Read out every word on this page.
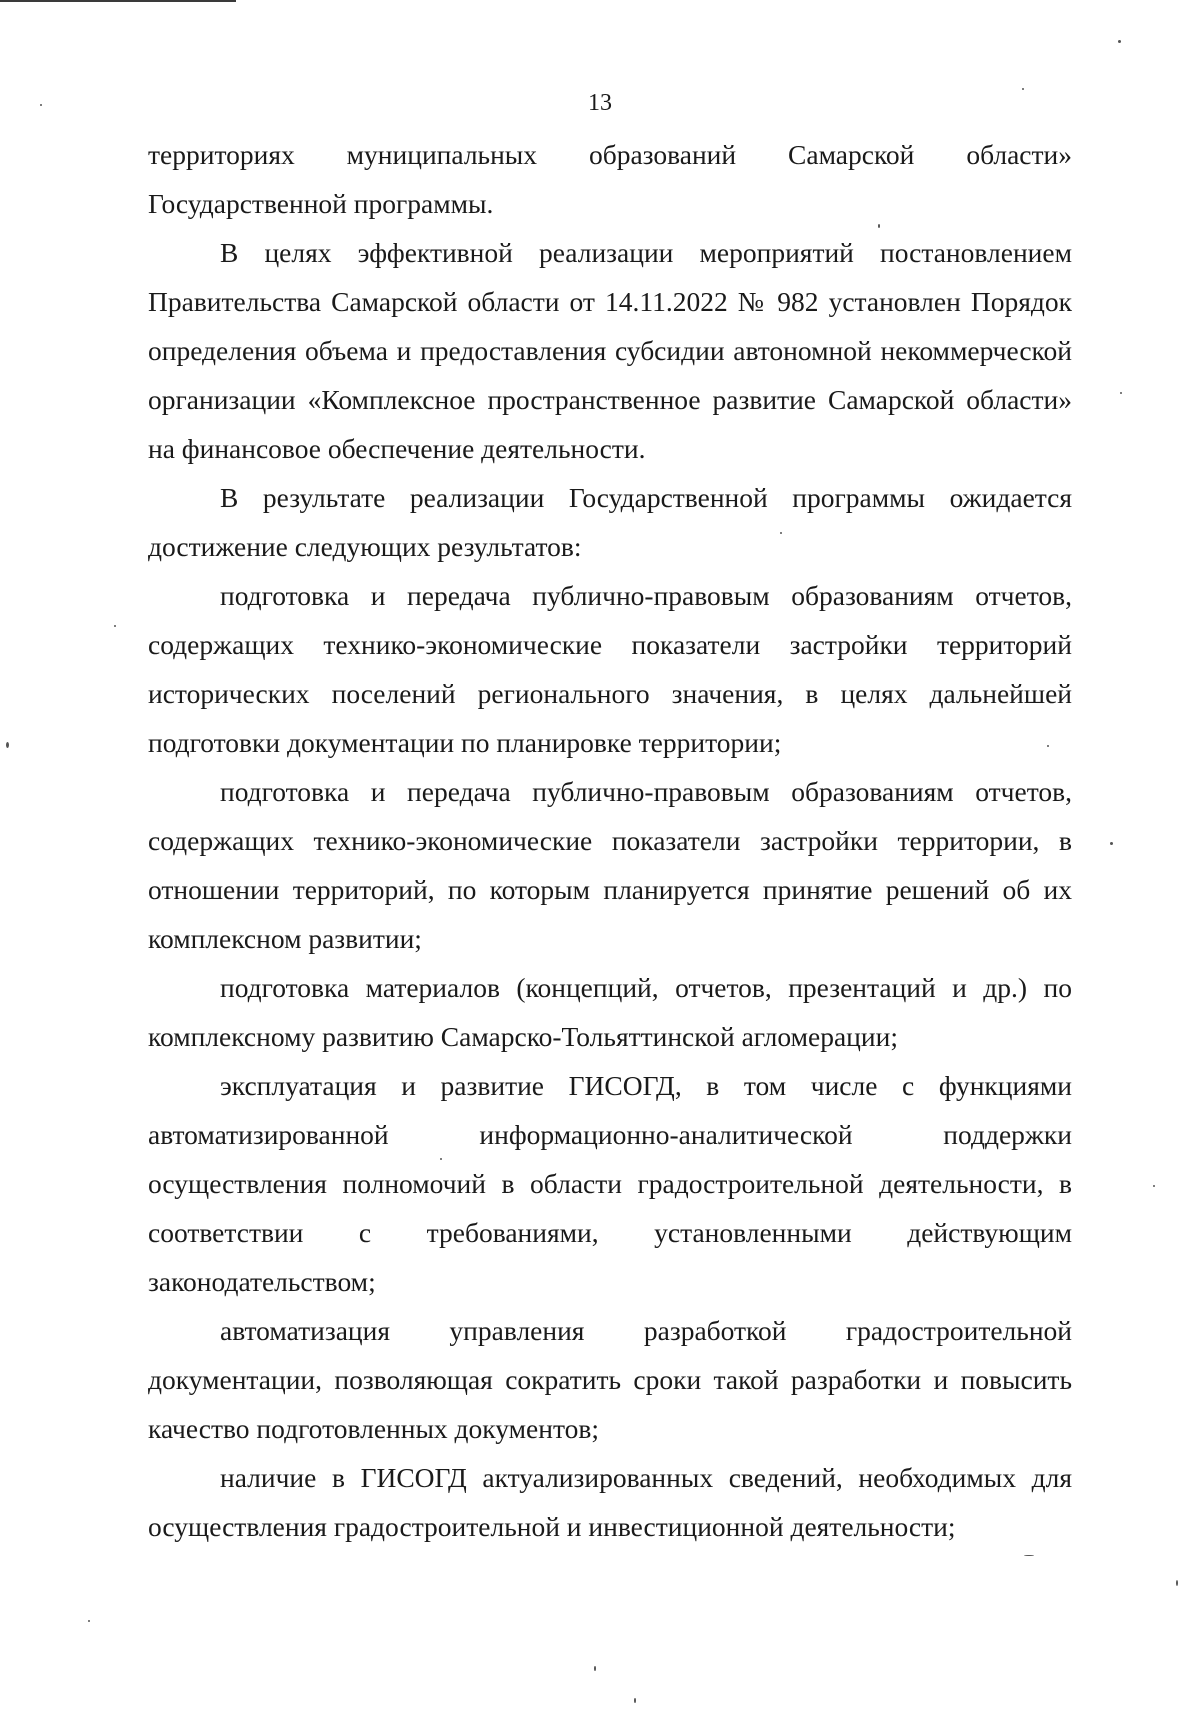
13

территориях муниципальных образований Самарской области» Государственной программы.

В целях эффективной реализации мероприятий постановлением Правительства Самарской области от 14.11.2022 № 982 установлен Порядок определения объема и предоставления субсидии автономной некоммерческой организации «Комплексное пространственное развитие Самарской области» на финансовое обеспечение деятельности.

В результате реализации Государственной программы ожидается достижение следующих результатов:

подготовка и передача публично-правовым образованиям отчетов, содержащих технико-экономические показатели застройки территорий исторических поселений регионального значения, в целях дальнейшей подготовки документации по планировке территории;

подготовка и передача публично-правовым образованиям отчетов, содержащих технико-экономические показатели застройки территории, в отношении территорий, по которым планируется принятие решений об их комплексном развитии;

подготовка материалов (концепций, отчетов, презентаций и др.) по комплексному развитию Самарско-Тольяттинской агломерации;

эксплуатация и развитие ГИСОГД, в том числе с функциями автоматизированной информационно-аналитической поддержки осуществления полномочий в области градостроительной деятельности, в соответствии с требованиями, установленными действующим законодательством;

автоматизация управления разработкой градостроительной документации, позволяющая сократить сроки такой разработки и повысить качество подготовленных документов;

наличие в ГИСОГД актуализированных сведений, необходимых для осуществления градостроительной и инвестиционной деятельности;
